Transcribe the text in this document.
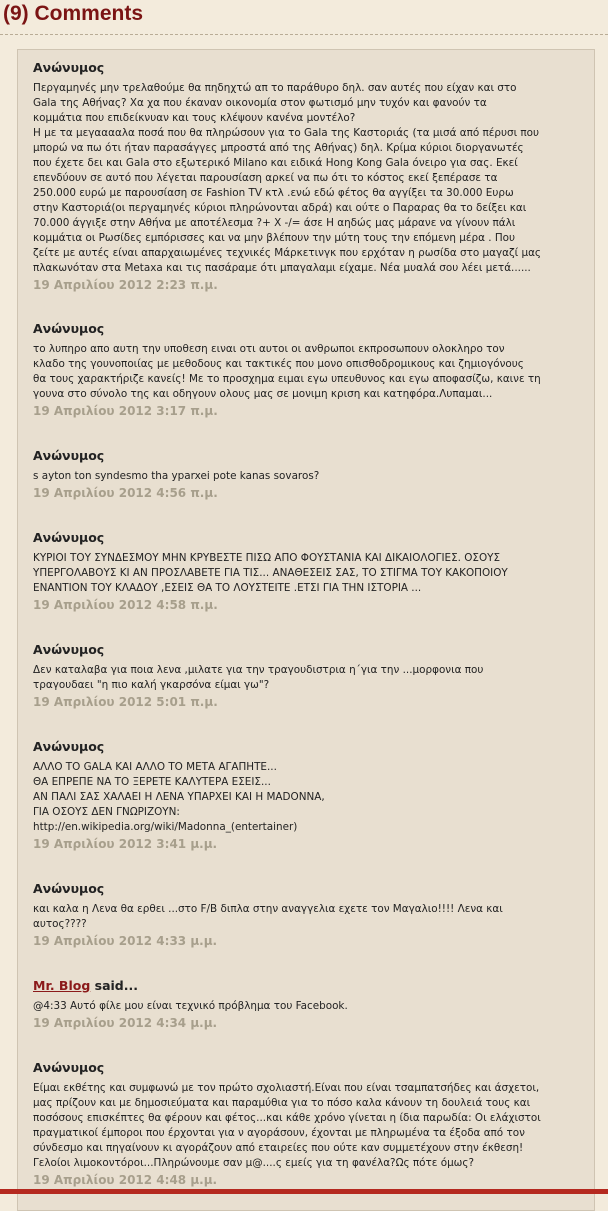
(9) Comments
Ανώνυμος
Περγαμηνές μην τρελαθούμε θα πηδηχτώ απ το παράθυρο δηλ. σαν αυτές που είχαν και στο
Gala της Αθήνας? Χα χα που έκαναν οικονομία στον φωτισμό μην τυχόν και φανούν τα
κομμάτια που επιδείκνυαν και τους κλέψουν κανένα μοντέλο?
Η με τα μεγααααλα ποσά που θα πληρώσουν για το Gala της Καστοριάς (τα μισά από πέρυσι που
μπορώ να πω ότι ήταν παρασάγγες μπροστά από της Αθήνας) δηλ. Κρίμα κύριοι διοργανωτές
που έχετε δει και Gala στο εξωτερικό Milano και ειδικά Hong Kong Gala όνειρο για σας. Εκεί
επενδύουν σε αυτό που λέγεται παρουσίαση αρκεί να πω ότι το κόστος εκεί ξεπέρασε τα
250.000 ευρώ με παρουσίαση σε Fashion TV κτλ .ενώ εδώ φέτος θα αγγίξει τα 30.000 Ευρω
στην Καστοριά(οι περγαμηνές κύριοι πληρώνονται αδρά) και ούτε ο Παραρας θα το δείξει και
70.000 άγγιξε στην Αθήνα με αποτέλεσμα ?+ Χ -/= άσε Η αηδώς μας μάρανε να γίνουν πάλι
κομμάτια οι Ρωσίδες εμπόρισσες και να μην βλέπουν την μύτη τους την επόμενη μέρα . Που
ζείτε με αυτές είναι απαρχαιωμένες τεχνικές Μάρκετινγκ που ερχόταν η ρωσίδα στο μαγαζί μας
πλακωνόταν στα Metaxa και τις πασάραμε ότι μπαγαλαμι είχαμε. Νέα μυαλά σου λέει μετά......
19 Απριλίου 2012 2:23 π.μ.
Ανώνυμος
το λυπηρο απο αυτη την υποθεση ειναι οτι αυτοι οι ανθρωποι εκπροσωπουν ολοκληρο τον
κλαδο της γουνοποιίας με μεθοδους και τακτικές που μονο οπισθοδρομικους και ζημιογόνους
θα τους χαρακτήριζε κανείς! Με το προσχημα ειμαι εγω υπευθυνος και εγω αποφασίζω, καινε τη
γουνα στο σύνολο της και οδηγουν ολους μας σε μονιμη κριση και κατηφόρα.Λυπαμαι...
19 Απριλίου 2012 3:17 π.μ.
Ανώνυμος
s ayton ton syndesmo tha yparxei pote kanas sovaros?
19 Απριλίου 2012 4:56 π.μ.
Ανώνυμος
ΚΥΡΙΟΙ ΤΟΥ ΣΥΝΔΕΣΜΟΥ ΜΗΝ ΚΡΥΒΕΣΤΕ ΠΙΣΩ ΑΠΟ ΦΟΥΣΤΑΝΙΑ ΚΑΙ ΔΙΚΑΙΟΛΟΓΙΕΣ. ΟΣΟΥΣ
ΥΠΕΡΓΟΛΑΒΟΥΣ ΚΙ ΑΝ ΠΡΟΣΛΑΒΕΤΕ ΓΙΑ ΤΙΣ... ΑΝΑΘΕΣΕΙΣ ΣΑΣ, ΤΟ ΣΤΙΓΜΑ ΤΟΥ ΚΑΚΟΠΟΙΟΥ
ΕΝΑΝΤΙΟΝ ΤΟΥ ΚΛΑΔΟΥ ,ΕΣΕΙΣ ΘΑ ΤΟ ΛΟΥΣΤΕΙΤΕ .ΕΤΣΙ ΓΙΑ ΤΗΝ ΙΣΤΟΡΙΑ ...
19 Απριλίου 2012 4:58 π.μ.
Ανώνυμος
Δεν καταλαβα για ποια λενα ,μιλατε για την τραγουδιστρια η΄για την ...μορφονια που
τραγουδαει "η πιο καλή γκαρσόνα είμαι γω"?
19 Απριλίου 2012 5:01 π.μ.
Ανώνυμος
ΑΛΛΟ ΤΟ GALA ΚΑΙ ΑΛΛΟ ΤΟ ΜΕΤΑ ΑΓΑΠΗΤΕ...
ΘΑ ΕΠΡΕΠΕ ΝΑ ΤΟ ΞΕΡΕΤΕ ΚΑΛΥΤΕΡΑ ΕΣΕΙΣ...
ΑΝ ΠΑΛΙ ΣΑΣ ΧΑΛΑΕΙ Η ΛΕΝΑ ΥΠΑΡΧΕΙ ΚΑΙ Η MADONNA,
ΓΙΑ ΟΣΟΥΣ ΔΕΝ ΓΝΩΡΙΖΟΥΝ:
http://en.wikipedia.org/wiki/Madonna_(entertainer)
19 Απριλίου 2012 3:41 μ.μ.
Ανώνυμος
και καλα η Λενα θα ερθει ...στο F/B διπλα στην αναγγελια εχετε τον Μαγαλιο!!!! Λενα και
αυτος????
19 Απριλίου 2012 4:33 μ.μ.
Mr. Blog said...
@4:33 Αυτό φίλε μου είναι τεχνικό πρόβλημα του Facebook.
19 Απριλίου 2012 4:34 μ.μ.
Ανώνυμος
Είμαι εκθέτης και συμφωνώ με τον πρώτο σχολιαστή.Είναι που είναι τσαμπατσήδες και άσχετοι,
μας πρίζουν και με δημοσιεύματα και παραμύθια για το πόσο καλα κάνουν τη δουλειά τους και
ποσόσους επισκέπτες θα φέρουν και φέτος...και κάθε χρόνο γίνεται η ίδια παρωδία: Οι ελάχιστοι
πραγματικοί έμποροι που έρχονται για ν αγοράσουν, έχονται με πληρωμένα τα έξοδα από τον
σύνδεσμο και πηγαίνουν κι αγοράζουν από εταιρείες που ούτε καν συμμετέχουν στην έκθεση!
Γελοίοι λιμοκοντόροι...Πληρώνουμε σαν μ@....ς εμείς για τη φανέλα?Ως πότε όμως?
19 Απριλίου 2012 4:48 μ.μ.
